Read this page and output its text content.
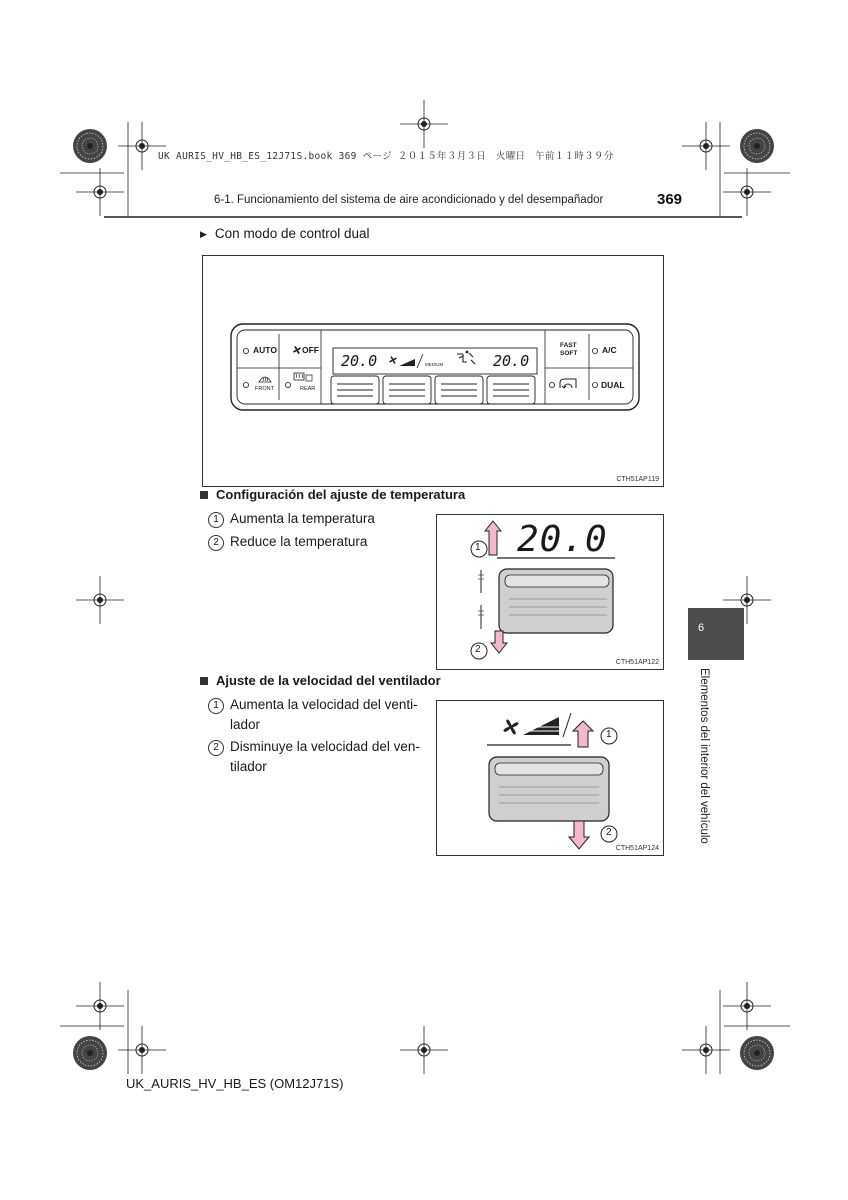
UK AURIS_HV_HB_ES_12J71S.book 369 ページ ２０１５年３月３日　火曜日　午前１１時３９分
6-1. Funcionamiento del sistema de aire acondicionado y del desempañador	369
▶ Con modo de control dual
AUTO	OFF	FAST
SOFT	A/C
FRONT	REAR	DUAL
20.0	MEDIUM	20.0
CTH51AP119
Configuración del ajuste de temperatura
1 Aumenta la temperatura
2 Reduce la temperatura	20.0
1
2
CTH51AP122
Ajuste de la velocidad del ventilador
1 Aumenta la velocidad del venti-
lador
2 Disminuye la velocidad del ven-
tilador
1
2
CTH51AP124
6
Elementos del interior del vehículo
UK_AURIS_HV_HB_ES (OM12J71S)
